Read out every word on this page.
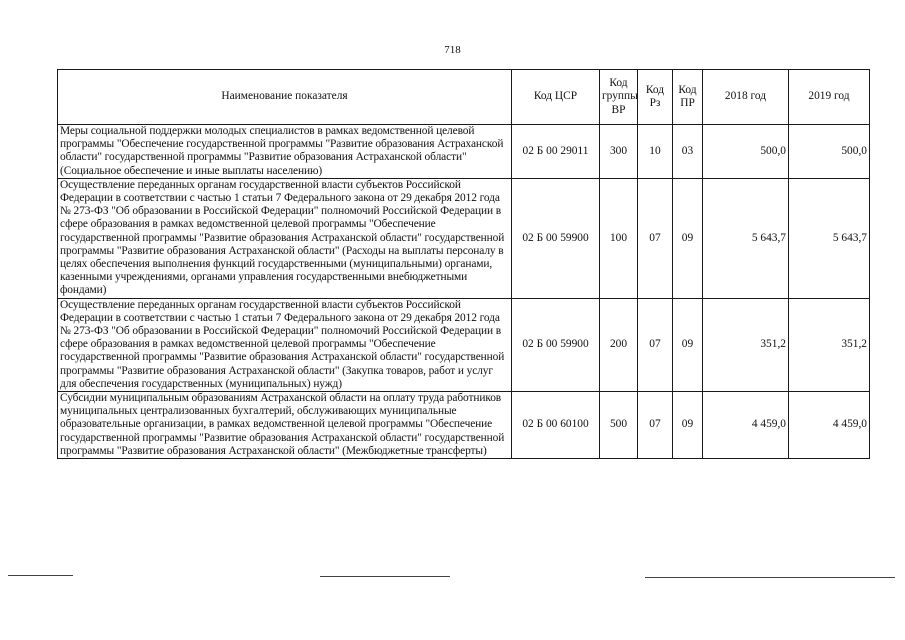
718
Наименование показателя	Код ЦСР	Код группы ВР	Код Рз	Код ПР	2018 год	2019 год
Меры социальной поддержки молодых специалистов в рамках ведомственной целевой программы "Обеспечение государственной программы "Развитие образования Астраханской области" государственной программы "Развитие образования Астраханской области" (Социальное обеспечение и иные выплаты населению)	02 Б 00 29011	300	10	03	500,0	500,0
Осуществление переданных органам государственной власти субъектов Российской Федерации в соответствии с частью 1 статьи 7 Федерального закона от 29 декабря 2012 года № 273-ФЗ "Об образовании в Российской Федерации" полномочий Российской Федерации в сфере образования в рамках ведомственной целевой программы "Обеспечение государственной программы "Развитие образования Астраханской области" государственной программы "Развитие образования Астраханской области" (Расходы на выплаты персоналу в целях обеспечения выполнения функций государственными (муниципальными) органами, казенными учреждениями, органами управления государственными внебюджетными фондами)	02 Б 00 59900	100	07	09	5 643,7	5 643,7
Осуществление переданных органам государственной власти субъектов Российской Федерации в соответствии с частью 1 статьи 7 Федерального закона от 29 декабря 2012 года № 273-ФЗ "Об образовании в Российской Федерации" полномочий Российской Федерации в сфере образования в рамках ведомственной целевой программы "Обеспечение государственной программы "Развитие образования Астраханской области" государственной программы "Развитие образования Астраханской области" (Закупка товаров, работ и услуг для обеспечения государственных (муниципальных) нужд)	02 Б 00 59900	200	07	09	351,2	351,2
Субсидии муниципальным образованиям Астраханской области на оплату труда работников муниципальных централизованных бухгалтерий, обслуживающих муниципальные образовательные организации, в рамках ведомственной целевой программы "Обеспечение государственной программы "Развитие образования Астраханской области" государственной программы "Развитие образования Астраханской области" (Межбюджетные трансферты)	02 Б 00 60100	500	07	09	4 459,0	4 459,0
